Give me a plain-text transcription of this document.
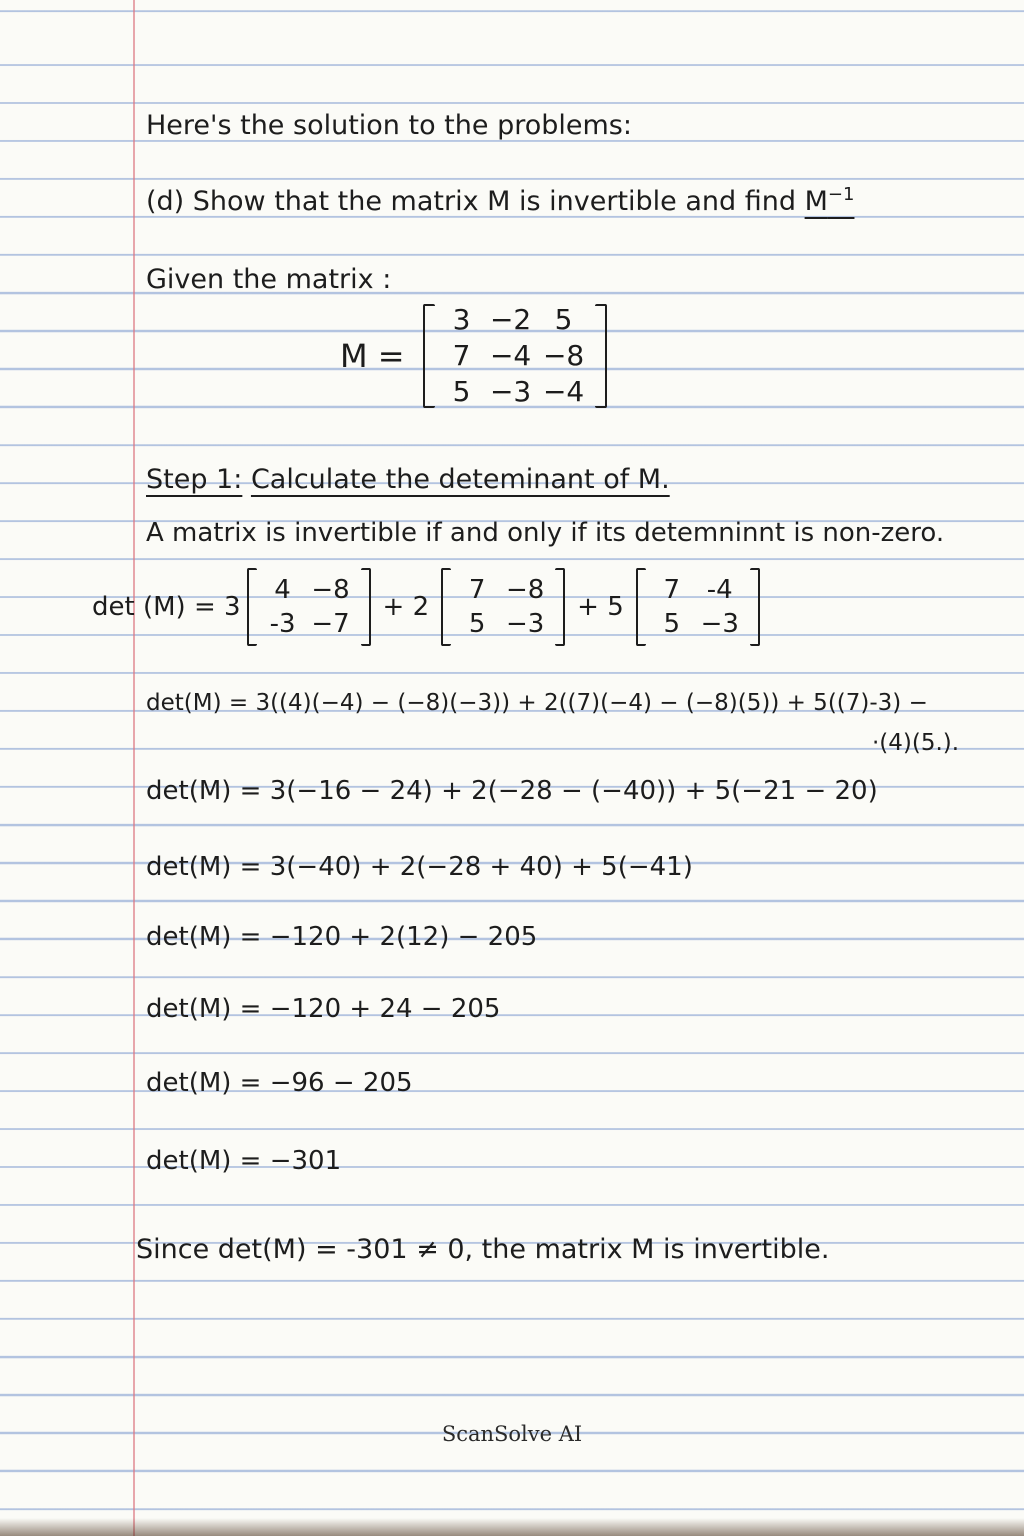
Here's the solution to the problems:
(d) Show that the matrix M is invertible and find $M^{-1}$
Given the matrix :
M =
3 −2 5
7 −4 −8
5 −3 −4
Step 1: Calculate the deteminant of M.
A matrix is invertible if and only if its detemninnt is non-zero.
det (M) = 3
4 −8
-3 −7
+ 2
7 −8
5 −3
+ 5
7	-4
5 −3
det(M) = 3((4)(−4) − (−8)(−3)) + 2((7)(−4) − (−8)(5)) + 5((7)-3) −
·(4)(5.).
det(M) = 3(−16 − 24) + 2(−28 − (−40)) + 5(−21 − 20)
det(M) = 3(−40) + 2(−28 + 40) + 5(−41)
det(M) = −120 + 2(12) − 205
det(M) = −120 + 24 − 205
det(M) = −96 − 205
det(M) = −301
Since det(M) = -301 ≠ 0, the matrix M is invertible.
ScanSolve AI
